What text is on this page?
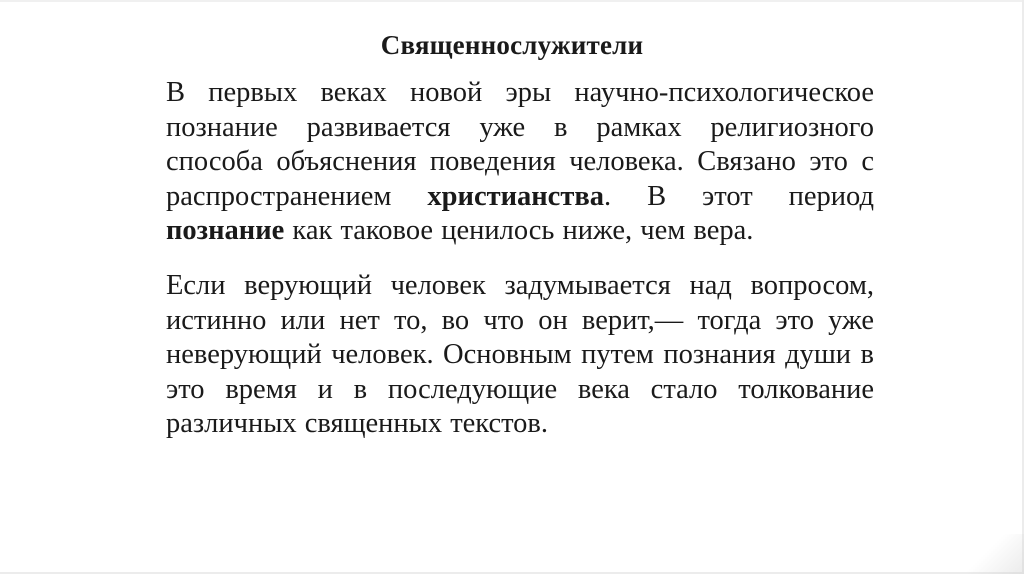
Священнослужители

В первых веках новой эры научно-психологическое познание развивается уже в рамках религиозного способа объяснения поведения человека. Связано это с распространением христианства. В этот период познание как таковое ценилось ниже, чем вера.

Если верующий человек задумывается над вопросом, истинно или нет то, во что он верит,— тогда это уже неверующий человек. Основным путем познания души в это время и в последующие века стало толкование различных священных текстов.
